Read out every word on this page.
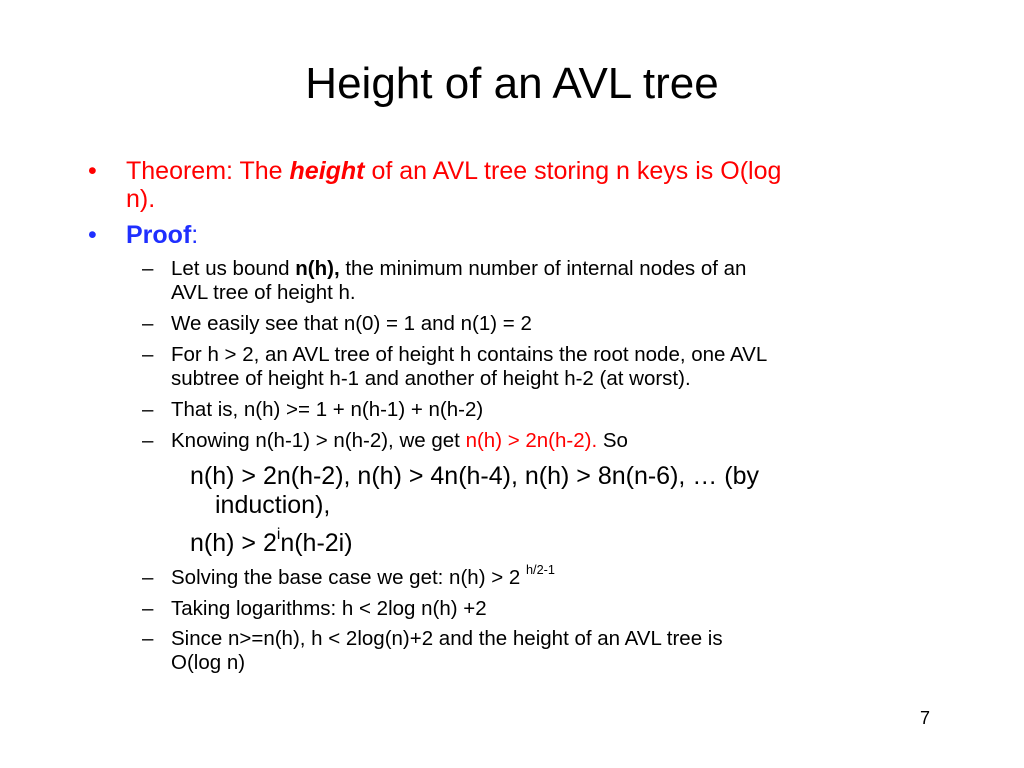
Height of an AVL tree
• Theorem: The height of an AVL tree storing n keys is O(log
n).
• Proof:
– Let us bound n(h), the minimum number of internal nodes of an
AVL tree of height h.
– We easily see that n(0) = 1 and n(1) = 2
– For h > 2, an AVL tree of height h contains the root node, one AVL
subtree of height h-1 and another of height h-2 (at worst).
– That is, n(h) >= 1 + n(h-1) + n(h-2)
– Knowing n(h-1) > n(h-2), we get n(h) > 2n(h-2). So
n(h) > 2n(h-2), n(h) > 4n(h-4), n(h) > 8n(n-6), … (by
induction),
$n(h) > 2^in(h-2i)$
– Solving the base case we get: n(h) > 2 $^{h/2-1}$
– Taking logarithms: h < 2log n(h) +2
– Since n>=n(h), h < 2log(n)+2 and the height of an AVL tree is
O(log n)
7
